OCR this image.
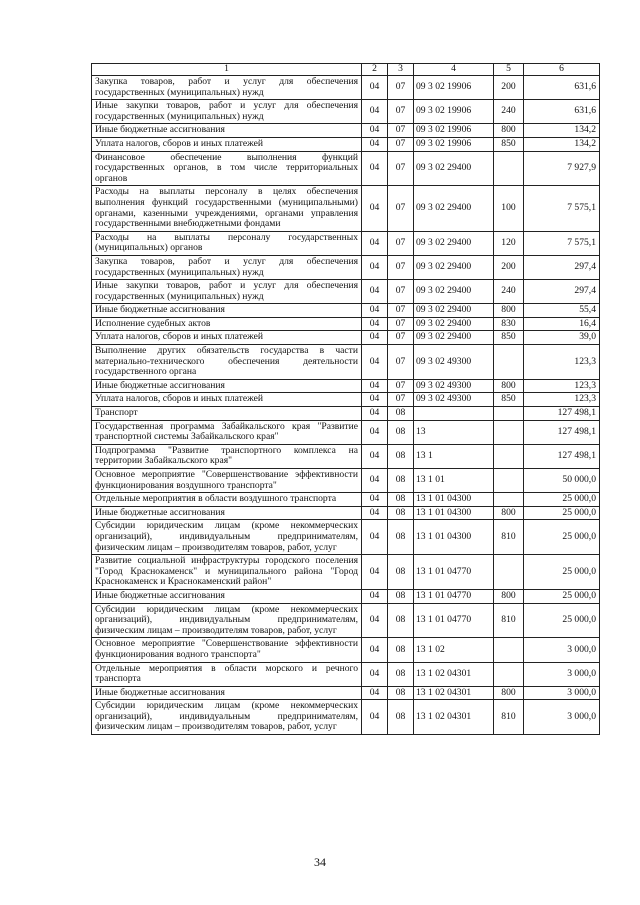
1	2	3	4	5	6
Закупка товаров, работ и услуг для обеспечения государственных (муниципальных) нужд	04	07	09 3 02 19906	200	631,6
Иные закупки товаров, работ и услуг для обеспечения государственных (муниципальных) нужд	04	07	09 3 02 19906	240	631,6
Иные бюджетные ассигнования	04	07	09 3 02 19906	800	134,2
Уплата налогов, сборов и иных платежей	04	07	09 3 02 19906	850	134,2
Финансовое обеспечение выполнения функций государственных органов, в том числе территориальных органов	04	07	09 3 02 29400		7 927,9
Расходы на выплаты персоналу в целях обеспечения выполнения функций государственными (муниципальными) органами, казенными учреждениями, органами управления государственными внебюджетными фондами	04	07	09 3 02 29400	100	7 575,1
Расходы на выплаты персоналу государственных (муниципальных) органов	04	07	09 3 02 29400	120	7 575,1
Закупка товаров, работ и услуг для обеспечения государственных (муниципальных) нужд	04	07	09 3 02 29400	200	297,4
Иные закупки товаров, работ и услуг для обеспечения государственных (муниципальных) нужд	04	07	09 3 02 29400	240	297,4
Иные бюджетные ассигнования	04	07	09 3 02 29400	800	55,4
Исполнение судебных актов	04	07	09 3 02 29400	830	16,4
Уплата налогов, сборов и иных платежей	04	07	09 3 02 29400	850	39,0
Выполнение других обязательств государства в части материально-технического обеспечения деятельности государственного органа	04	07	09 3 02 49300		123,3
Иные бюджетные ассигнования	04	07	09 3 02 49300	800	123,3
Уплата налогов, сборов и иных платежей	04	07	09 3 02 49300	850	123,3
Транспорт	04	08			127 498,1
Государственная программа Забайкальского края "Развитие транспортной системы Забайкальского края"	04	08	13		127 498,1
Подпрограмма "Развитие транспортного комплекса на территории Забайкальского края"	04	08	13 1		127 498,1
Основное мероприятие "Совершенствование эффективности функционирования воздушного транспорта"	04	08	13 1 01		50 000,0
Отдельные мероприятия в области воздушного транспорта	04	08	13 1 01 04300		25 000,0
Иные бюджетные ассигнования	04	08	13 1 01 04300	800	25 000,0
Субсидии юридическим лицам (кроме некоммерческих организаций), индивидуальным предпринимателям, физическим лицам – производителям товаров, работ, услуг	04	08	13 1 01 04300	810	25 000,0
Развитие социальной инфраструктуры городского поселения "Город Краснокаменск" и муниципального района "Город Краснокаменск и Краснокаменский район"	04	08	13 1 01 04770		25 000,0
Иные бюджетные ассигнования	04	08	13 1 01 04770	800	25 000,0
Субсидии юридическим лицам (кроме некоммерческих организаций), индивидуальным предпринимателям, физическим лицам – производителям товаров, работ, услуг	04	08	13 1 01 04770	810	25 000,0
Основное мероприятие "Совершенствование эффективности функционирования водного транспорта"	04	08	13 1 02		3 000,0
Отдельные мероприятия в области морского и речного транспорта	04	08	13 1 02 04301		3 000,0
Иные бюджетные ассигнования	04	08	13 1 02 04301	800	3 000,0
Субсидии юридическим лицам (кроме некоммерческих организаций), индивидуальным предпринимателям, физическим лицам – производителям товаров, работ, услуг	04	08	13 1 02 04301	810	3 000,0
34
